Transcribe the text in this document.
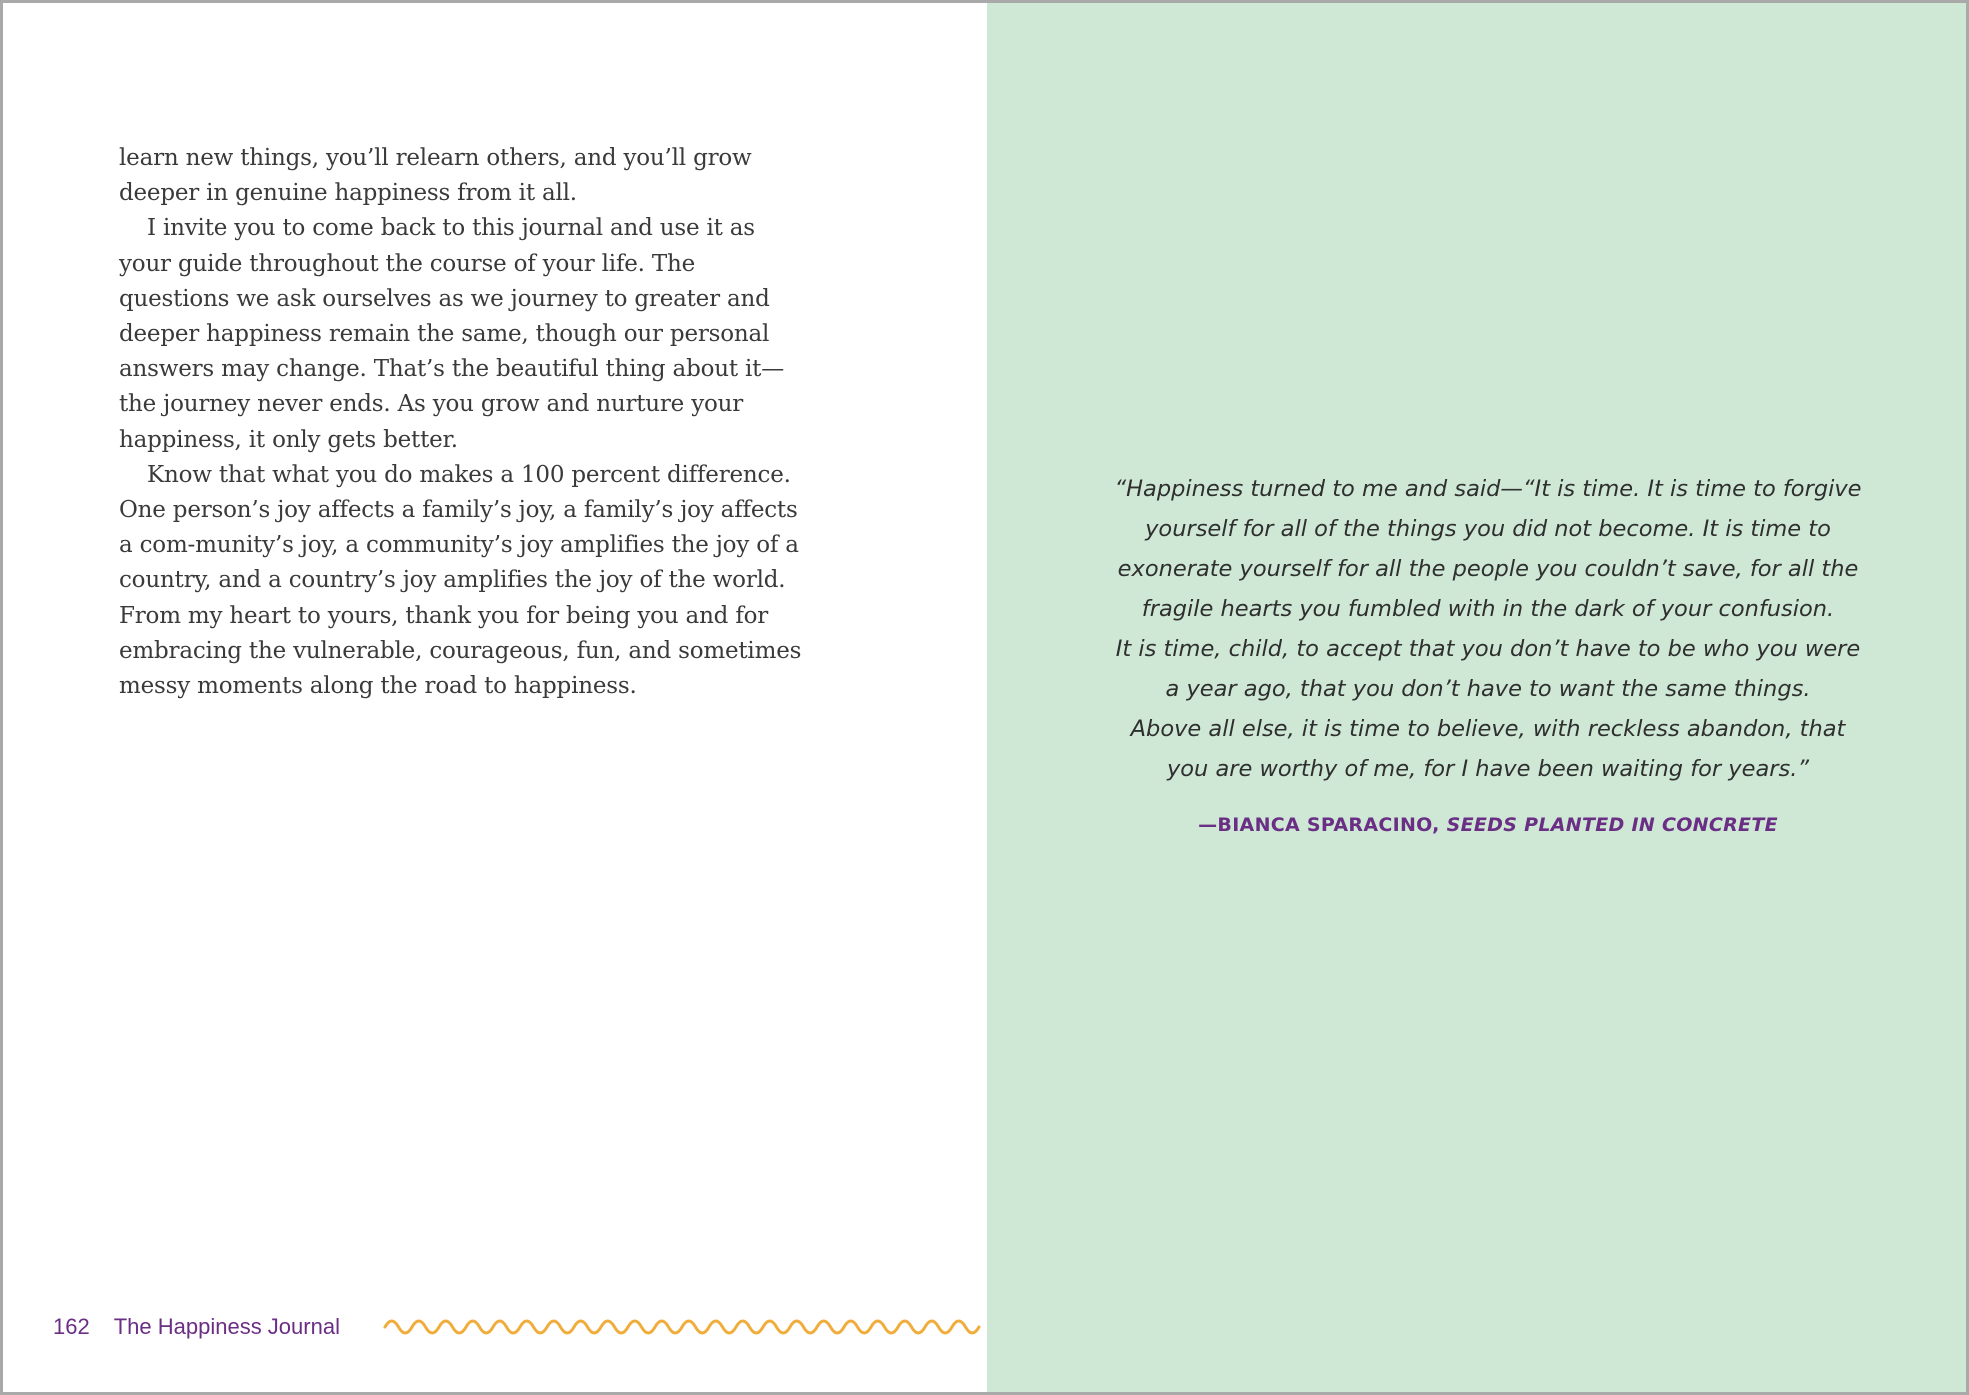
learn new things, you’ll relearn others, and you’ll grow deeper in genuine happiness from it all.

I invite you to come back to this journal and use it as your guide throughout the course of your life. The questions we ask ourselves as we journey to greater and deeper happiness remain the same, though our personal answers may change. That’s the beautiful thing about it—the journey never ends. As you grow and nurture your happiness, it only gets better.

Know that what you do makes a 100 percent difference. One person’s joy affects a family’s joy, a family’s joy affects a com-munity’s joy, a community’s joy amplifies the joy of a country, and a country’s joy amplifies the joy of the world. From my heart to yours, thank you for being you and for embracing the vulnerable, courageous, fun, and sometimes messy moments along the road to happiness.

162 The Happiness Journal

“Happiness turned to me and said—“It is time. It is time to forgive

yourself for all of the things you did not become. It is time to

exonerate yourself for all the people you couldn’t save, for all the

fragile hearts you fumbled with in the dark of your confusion.

It is time, child, to accept that you don’t have to be who you were

a year ago, that you don’t have to want the same things.

Above all else, it is time to believe, with reckless abandon, that

you are worthy of me, for I have been waiting for years.”

—BIANCA SPARACINO, SEEDS PLANTED IN CONCRETE
